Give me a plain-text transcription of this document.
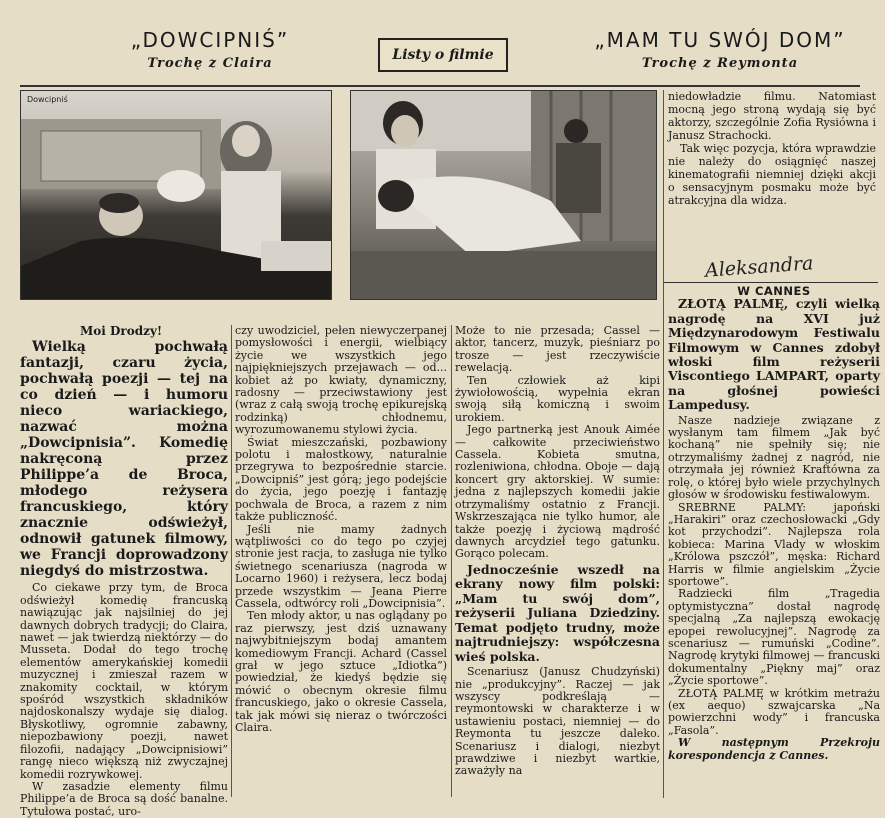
„DOWCIPNIŚ”
Trochę z Claira
Listy o filmie
„MAM TU SWÓJ DOM”
Trochę z Reymonta
Dowcipniś	niedowładzie filmu. Natomiast mocną jego stroną wydają się być aktorzy, szczególnie Zofia Rysiówna i Janusz Strachocki.

Tak więc pozycja, która wprawdzie nie należy do osiągnięć naszej kinematografii niemniej dzięki akcji o sensacyjnym posmaku może być atrakcyjna dla widza.

Aleksandra
W CANNES

ZŁOTĄ PALMĘ, czyli wielką nagrodę na XVI już Międzynarodowym Festiwalu Filmowym w Cannes zdobył włoski film reżyserii Viscontiego LAMPART, oparty na głośnej powieści Lampedusy.

Nasze nadzieje związane z wysłanym tam filmem „Jak być kochaną” nie spełniły się; nie otrzymaliśmy żadnej z nagród, nie otrzymała jej również Kraftówna za rolę, o której było wiele przychylnych głosów w środowisku festiwalowym.

SREBRNE PALMY: japoński „Harakiri” oraz czechosłowacki „Gdy kot przychodzi”. Najlepsza rola kobieca: Marina Vlady w włoskim „Królowa pszczół”, męska: Richard Harris w filmie angielskim „Życie sportowe”.

Radziecki film „Tragedia optymistyczna” dostał nagrodę specjalną „Za najlepszą ewokację epopei rewolucyjnej”. Nagrodę za scenariusz — rumuński „Codine”. Nagrodę krytyki filmowej — francuski dokumentalny „Piękny maj” oraz „Życie sportowe”.

ZŁOTĄ PALMĘ w krótkim metrażu (ex aequo) szwajcarska „Na powierzchni wody” i francuska „Fasola”.

W następnym Przekroju korespondencja z Cannes.

Moi Drodzy!

Wielką pochwałą fantazji, czaru życia, pochwałą poezji — tej na co dzień — i humoru nieco wariackiego, nazwać można „Dowcipnisia”. Komedię nakręconą przez Philippe’a de Broca, młodego reżysera francuskiego, który znacznie odświeżył, odnowił gatunek filmowy, we Francji doprowadzony niegdyś do mistrzostwa.

Co ciekawe przy tym, de Broca odświeżył komedię francuską nawiązując jak najsilniej do jej dawnych dobrych tradycji; do Claira, nawet — jak twierdzą niektórzy — do Musseta. Dodał do tego trochę elementów amerykańskiej komedii muzycznej i zmieszał razem w znakomity cocktail, w którym spośród wszystkich składników najdoskonalszy wydaje się dialog. Błyskotliwy, ogromnie zabawny, niepozbawiony poezji, nawet filozofii, nadający „Dowcipnisiowi” rangę nieco większą niż zwyczajnej komedii rozrywkowej.

W zasadzie elementy filmu Philippe’a de Broca są dość banalne. Tytułowa postać, uro-

czy uwodziciel, pełen niewyczerpanej pomysłowości i energii, wielbiący życie we wszystkich jego najpiękniejszych przejawach — od... kobiet aż po kwiaty, dynamiczny, radosny — przeciwstawiony jest (wraz z całą swoją trochę epikurejską rodzinką) chłodnemu, wyrozumowanemu stylowi życia.

Świat mieszczański, pozbawiony polotu i małostkowy, naturalnie przegrywa to bezpośrednie starcie. „Dowcipniś” jest górą; jego podejście do życia, jego poezję i fantazję pochwala de Broca, a razem z nim także publiczność.

Jeśli nie mamy żadnych wątpliwości co do tego po czyjej stronie jest racja, to zasługa nie tylko świetnego scenariusza (nagroda w Locarno 1960) i reżysera, lecz bodaj przede wszystkim — Jeana Pierre Cassela, odtwórcy roli „Dowcipnisia”.

Ten młody aktor, u nas oglądany po raz pierwszy, jest dziś uznawany najwybitniejszym bodaj amantem komediowym Francji. Achard (Cassel grał w jego sztuce „Idiotka”) powiedział, że kiedyś będzie się mówić o obecnym okresie filmu francuskiego, jako o okresie Cassela, tak jak mówi się nieraz o twórczości Claira.

Może to nie przesada; Cassel — aktor, tancerz, muzyk, pieśniarz po trosze — jest rzeczywiście rewelacją.

Ten człowiek aż kipi żywiołowością, wypełnia ekran swoją siłą komiczną i swoim urokiem.

Jego partnerką jest Anouk Aimée — całkowite przeciwieństwo Cassela. Kobieta smutna, rozleniwiona, chłodna. Oboje — dają koncert gry aktorskiej. W sumie: jedna z najlepszych komedii jakie otrzymaliśmy ostatnio z Francji. Wskrzeszająca nie tylko humor, ale także poezję i życiową mądrość dawnych arcydzieł tego gatunku. Gorąco polecam.

Jednocześnie wszedł na ekrany nowy film polski: „Mam tu swój dom”, reżyserii Juliana Dziedziny. Temat podjęto trudny, może najtrudniejszy: współczesna wieś polska.

Scenariusz (Janusz Chudzyński) nie „produkcyjny”. Raczej — jak wszyscy podkreślają — reymontowski w charakterze i w ustawieniu postaci, niemniej — do Reymonta tu jeszcze daleko. Scenariusz i dialogi, niezbyt prawdziwe i niezbyt wartkie, zaważyły na
